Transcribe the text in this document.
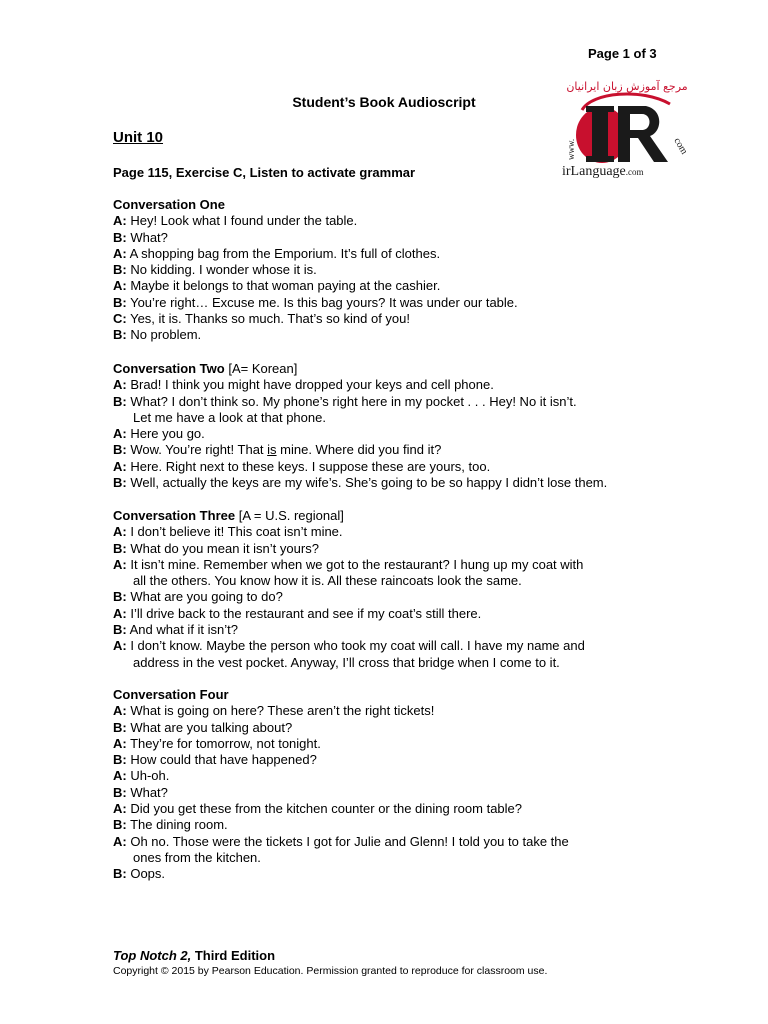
Page 1 of 3
Student’s Book Audioscript
Unit 10
Page 115, Exercise C, Listen to activate grammar
مرجع آموزش زبان ایرانیان
com
www.
irLanguage.com
Conversation One
A: Hey! Look what I found under the table.
B: What?
A: A shopping bag from the Emporium. It’s full of clothes.
B: No kidding. I wonder whose it is.
A: Maybe it belongs to that woman paying at the cashier.
B: You’re right… Excuse me. Is this bag yours? It was under our table.
C: Yes, it is. Thanks so much. That’s so kind of you!
B: No problem.
Conversation Two [A= Korean]
A: Brad! I think you might have dropped your keys and cell phone.
B: What? I don’t think so. My phone’s right here in my pocket . . . Hey! No it isn’t.
Let me have a look at that phone.
A: Here you go.
B: Wow. You’re right! That is mine. Where did you find it?
A: Here. Right next to these keys. I suppose these are yours, too.
B: Well, actually the keys are my wife’s. She’s going to be so happy I didn’t lose them.
Conversation Three [A = U.S. regional]
A: I don’t believe it! This coat isn’t mine.
B: What do you mean it isn’t yours?
A: It isn’t mine. Remember when we got to the restaurant? I hung up my coat with
all the others. You know how it is. All these raincoats look the same.
B: What are you going to do?
A: I’ll drive back to the restaurant and see if my coat’s still there.
B: And what if it isn’t?
A: I don’t know. Maybe the person who took my coat will call. I have my name and
address in the vest pocket. Anyway, I’ll cross that bridge when I come to it.
Conversation Four
A: What is going on here? These aren’t the right tickets!
B: What are you talking about?
A: They’re for tomorrow, not tonight.
B: How could that have happened?
A: Uh-oh.
B: What?
A: Did you get these from the kitchen counter or the dining room table?
B: The dining room.
A: Oh no. Those were the tickets I got for Julie and Glenn! I told you to take the
ones from the kitchen.
B: Oops.
Top Notch 2, Third Edition
Copyright © 2015 by Pearson Education. Permission granted to reproduce for classroom use.
